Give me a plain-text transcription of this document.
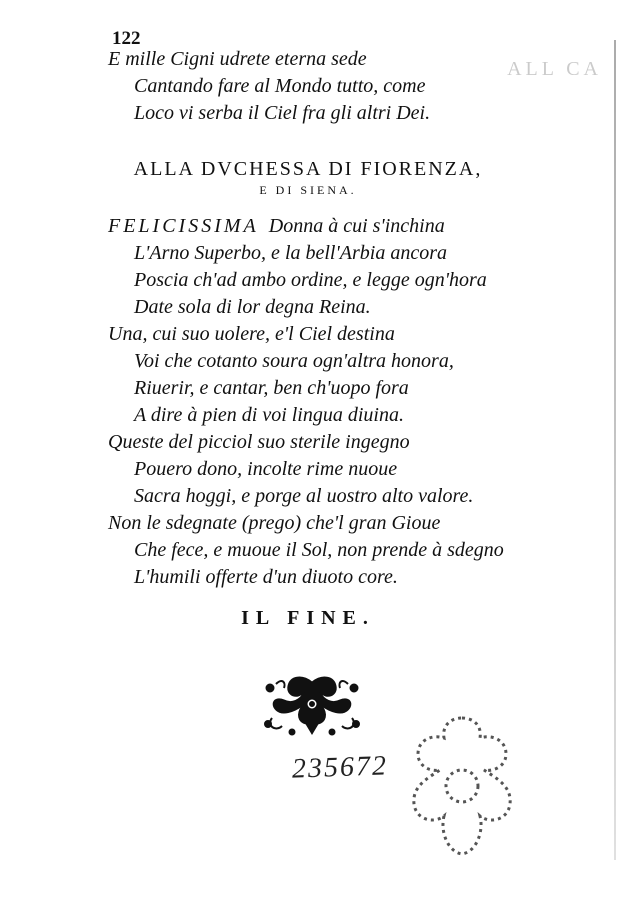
ALL CA
122
E mille Cigni udrete eterna sede
Cantando fare al Mondo tutto, come
Loco vi serba il Ciel fra gli altri Dei.
ALLA DVCHESSA DI FIORENZA,
E DI SIENA.
FELICISSIMA Donna à cui s'inchina
L'Arno Superbo, e la bell'Arbia ancora
Poscia ch'ad ambo ordine, e legge ogn'hora
Date sola di lor degna Reina.
Una, cui suo uolere, e'l Ciel destina
Voi che cotanto soura ogn'altra honora,
Riuerir, e cantar, ben ch'uopo fora
A dire à pien di voi lingua diuina.
Queste del picciol suo sterile ingegno
Pouero dono, incolte rime nuoue
Sacra hoggi, e porge al uostro alto valore.
Non le sdegnate (prego) che'l gran Gioue
Che fece, e muoue il Sol, non prende à sdegno
L'humili offerte d'un diuoto core.
IL FINE.
235672
